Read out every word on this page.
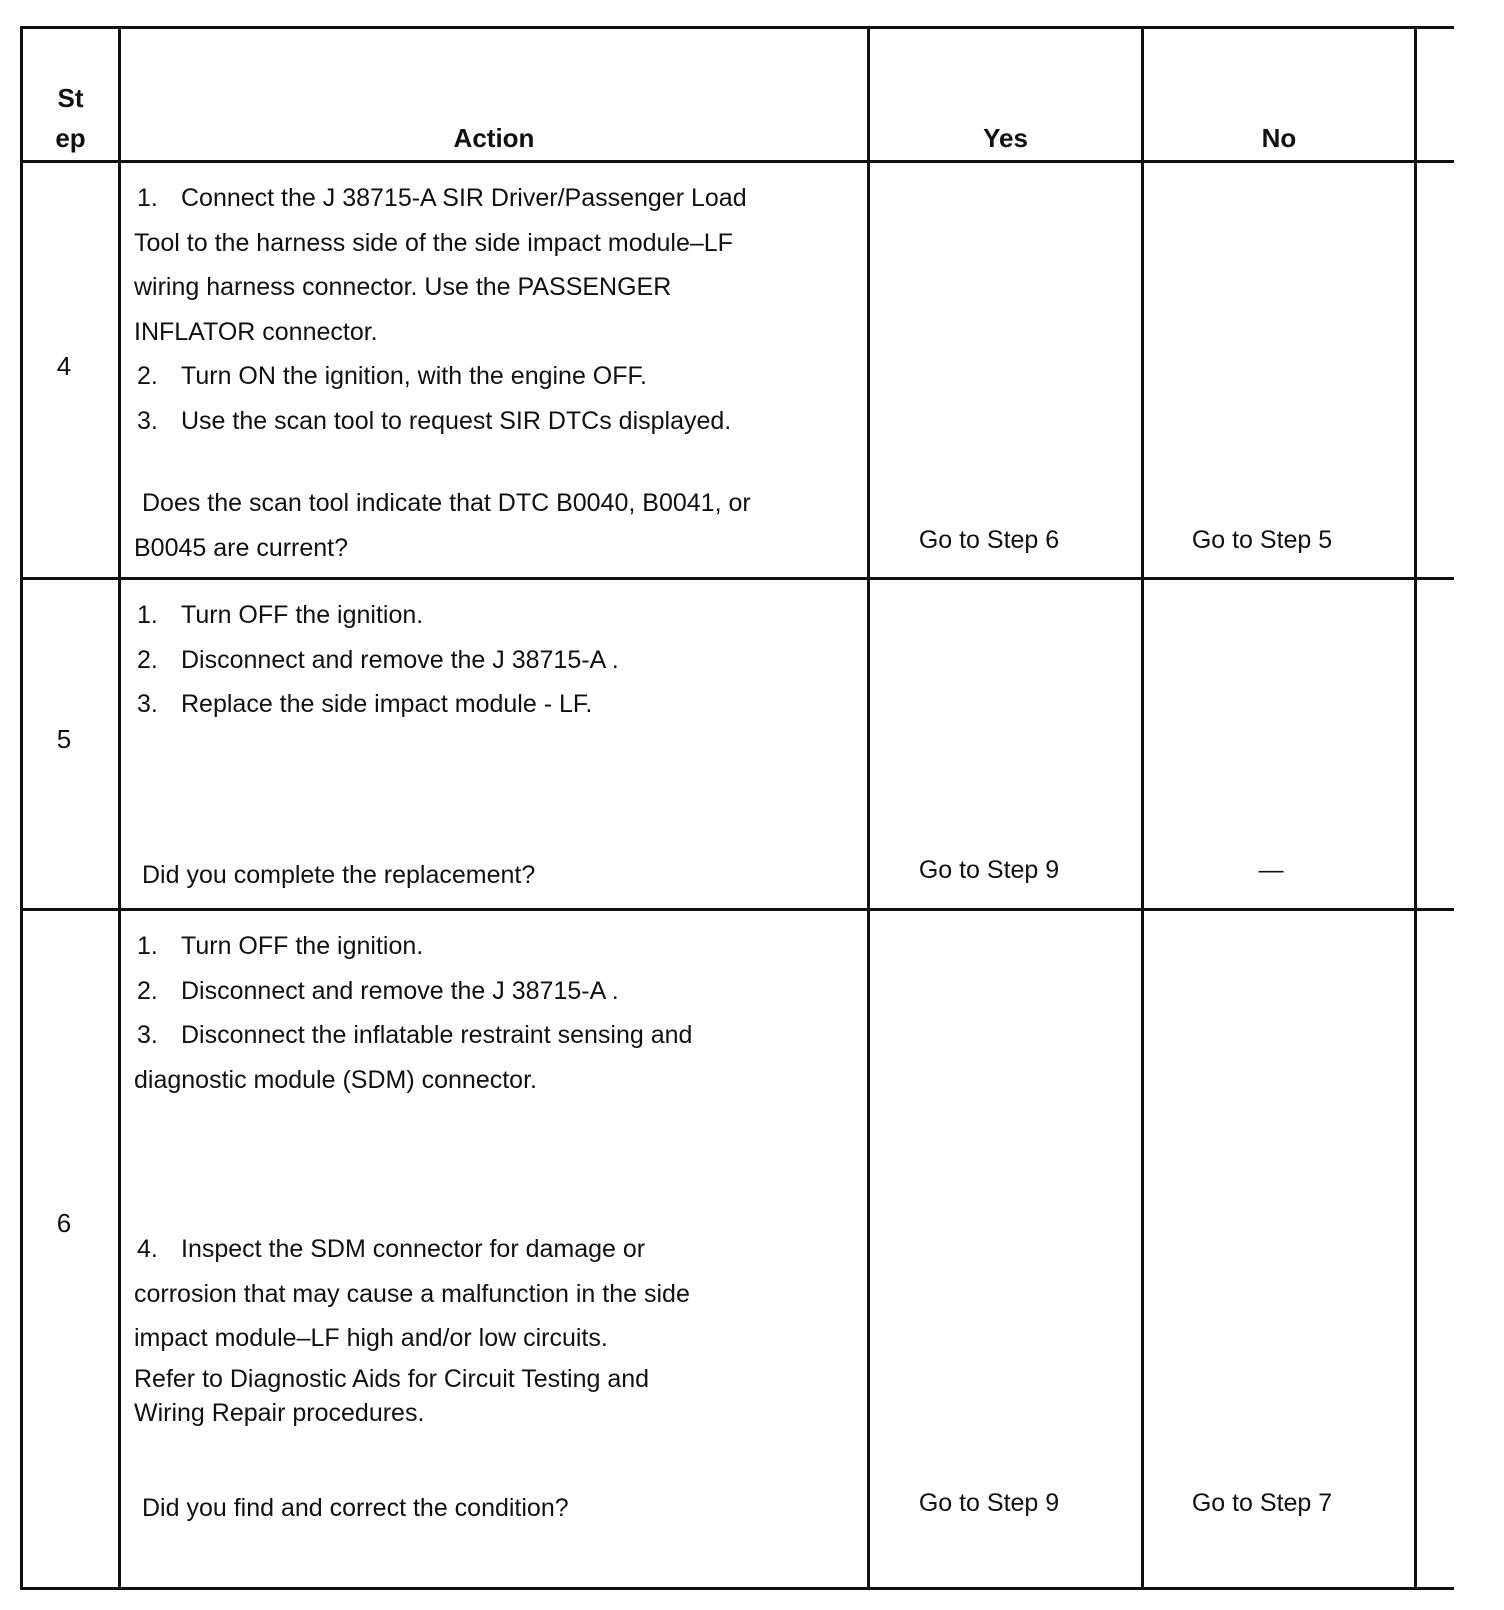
St
ep	Action	Yes	No
4
1. Connect the J 38715-A SIR Driver/Passenger Load
Tool to the harness side of the side impact module–LF
wiring harness connector. Use the PASSENGER
INFLATOR connector.
2. Turn ON the ignition, with the engine OFF.
3. Use the scan tool to request SIR DTCs displayed.
Does the scan tool indicate that DTC B0040, B0041, or
B0045 are current?	Go to Step 6	Go to Step 5
5
1. Turn OFF the ignition.
2. Disconnect and remove the J 38715-A .
3. Replace the side impact module - LF.
Did you complete the replacement?	Go to Step 9	—
6
1. Turn OFF the ignition.
2. Disconnect and remove the J 38715-A .
3. Disconnect the inflatable restraint sensing and
diagnostic module (SDM) connector.
4. Inspect the SDM connector for damage or
corrosion that may cause a malfunction in the side
impact module–LF high and/or low circuits.
Refer to Diagnostic Aids for Circuit Testing and
Wiring Repair procedures.
Did you find and correct the condition?	Go to Step 9	Go to Step 7
